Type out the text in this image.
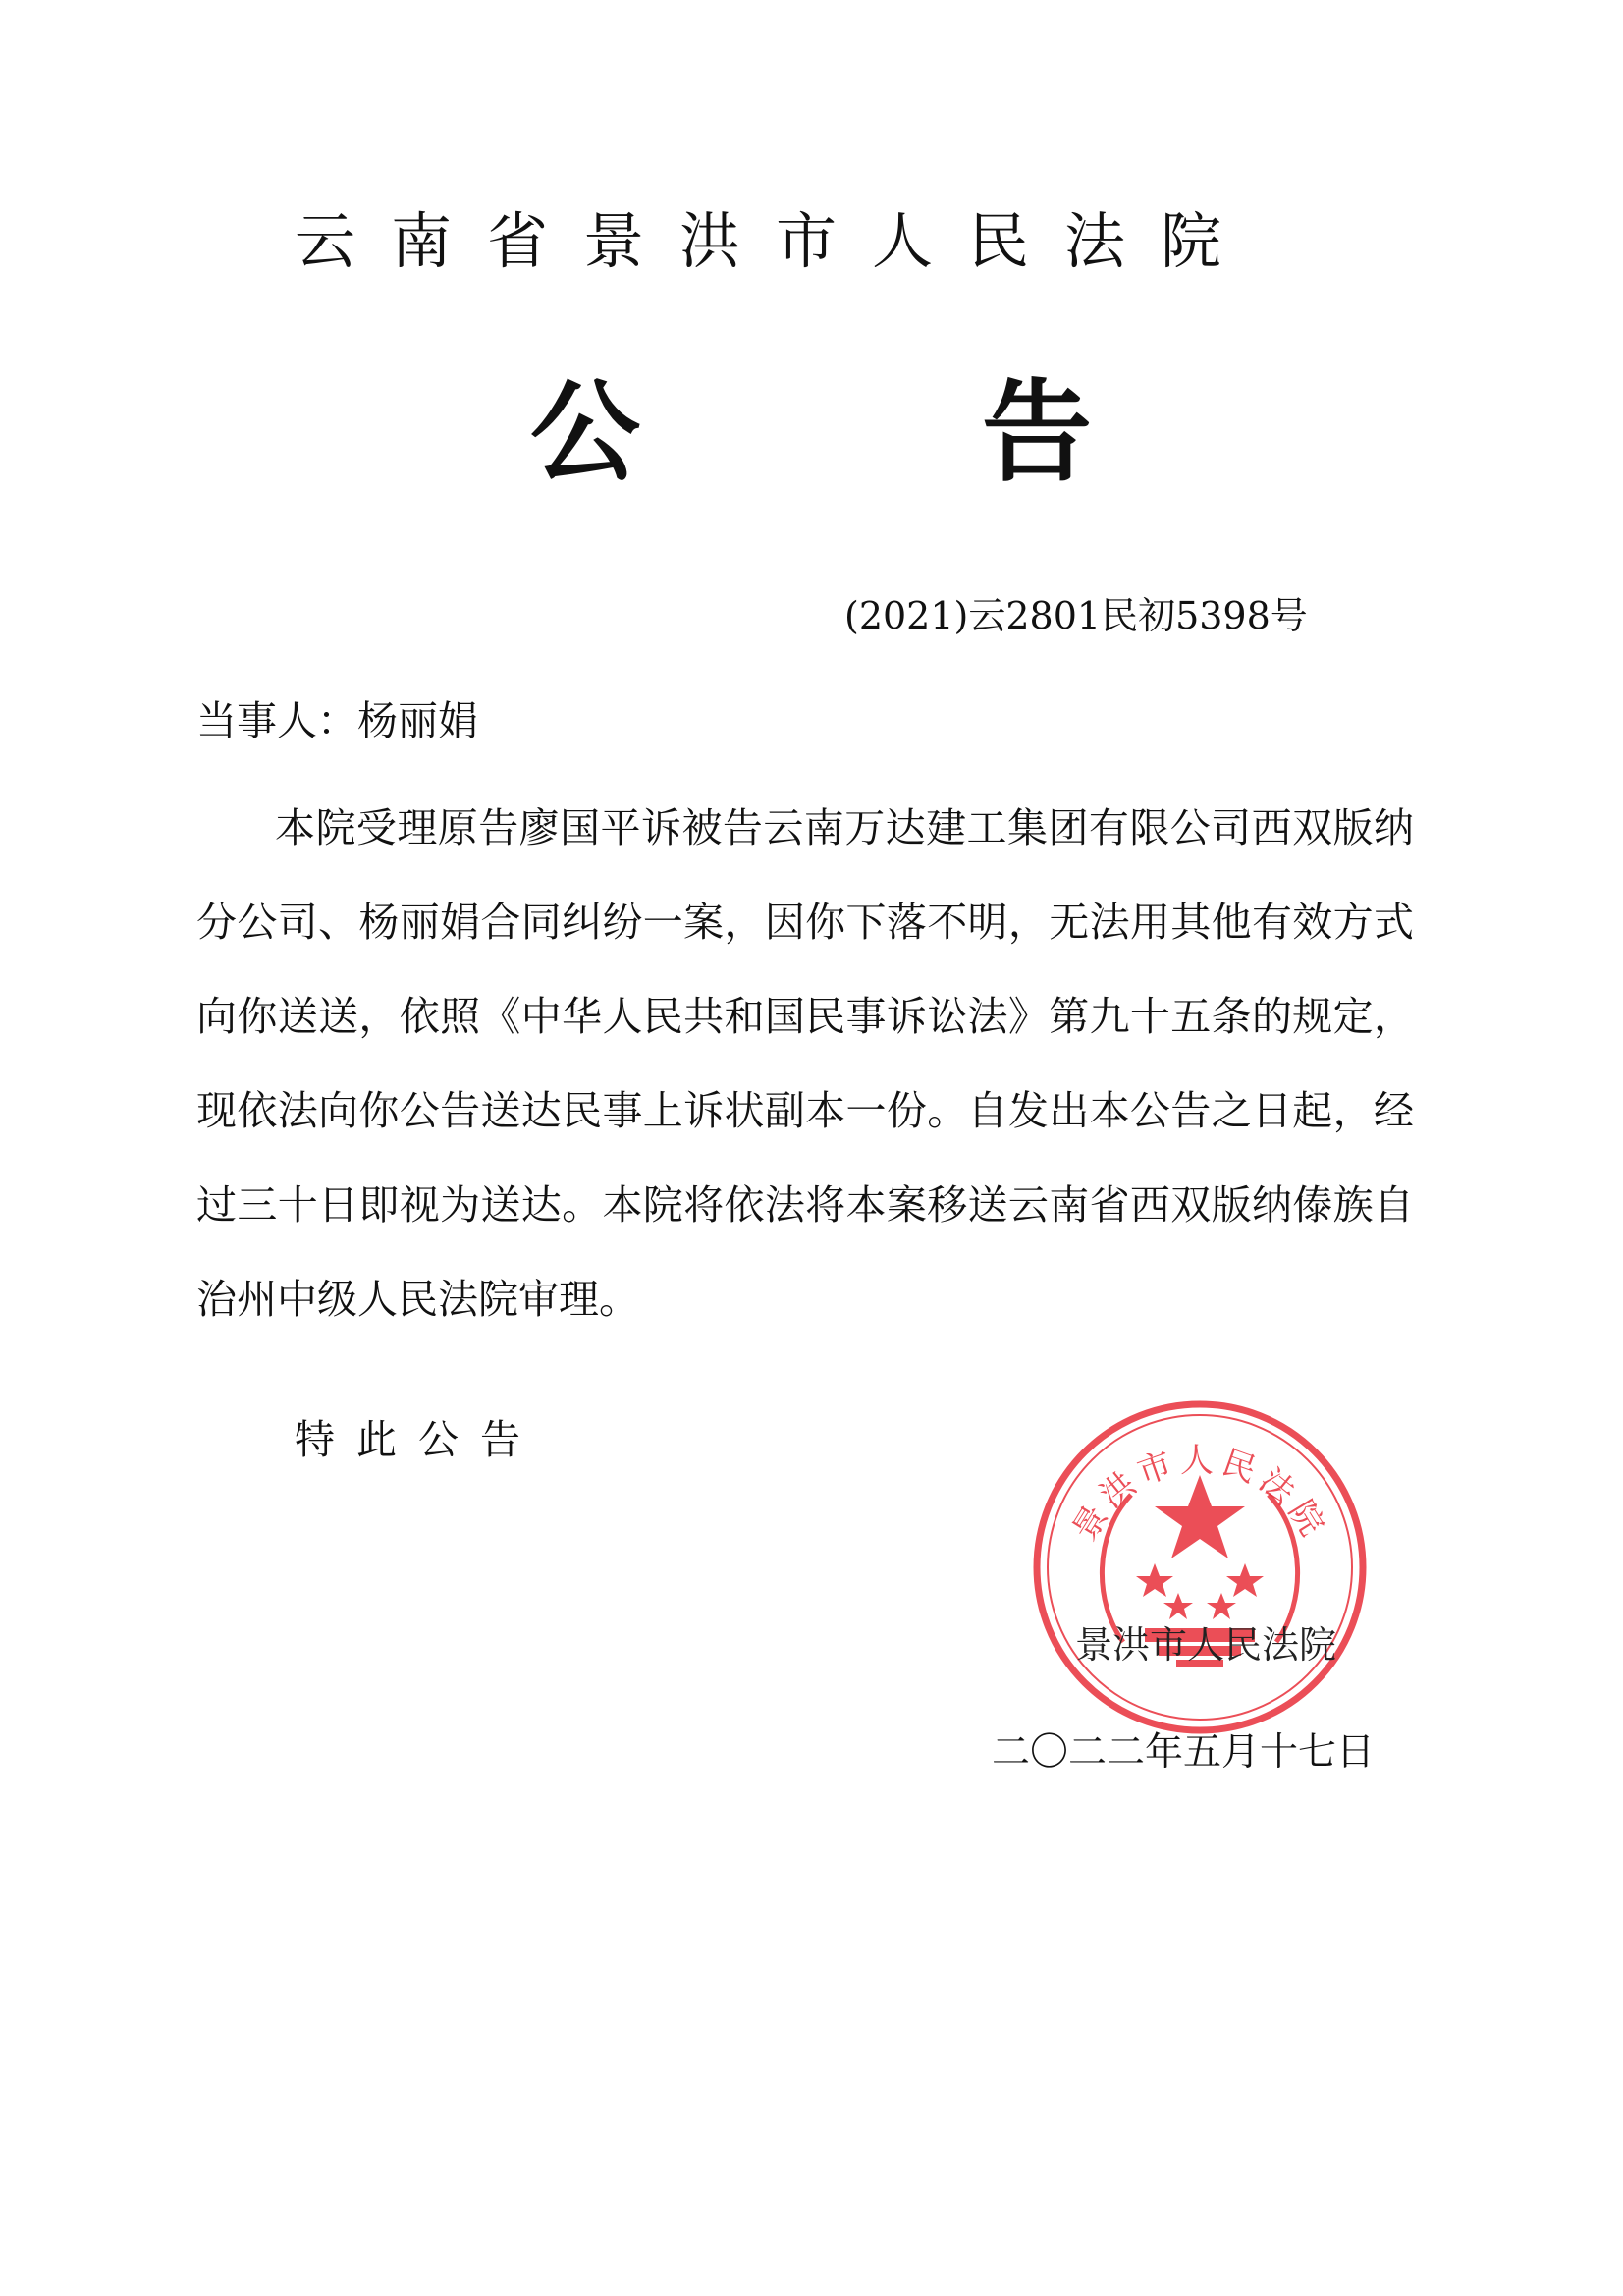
云南省景洪市人民法院
公	告
(2021)云2801民初5398号
当事人：杨丽娟

本院受理原告廖国平诉被告云南万达建工集团有限公司西双版纳分公司、杨丽娟合同纠纷一案，因你下落不明，无法用其他有效方式向你送送，依照《中华人民共和国民事诉讼法》第九十五条的规定，现依法向你公告送达民事上诉状副本一份。自发出本公告之日起，经过三十日即视为送达。本院将依法将本案移送云南省西双版纳傣族自治州中级人民法院审理。

特此公告
景洪市人民法院
景洪市人民法院
二〇二二年五月十七日
